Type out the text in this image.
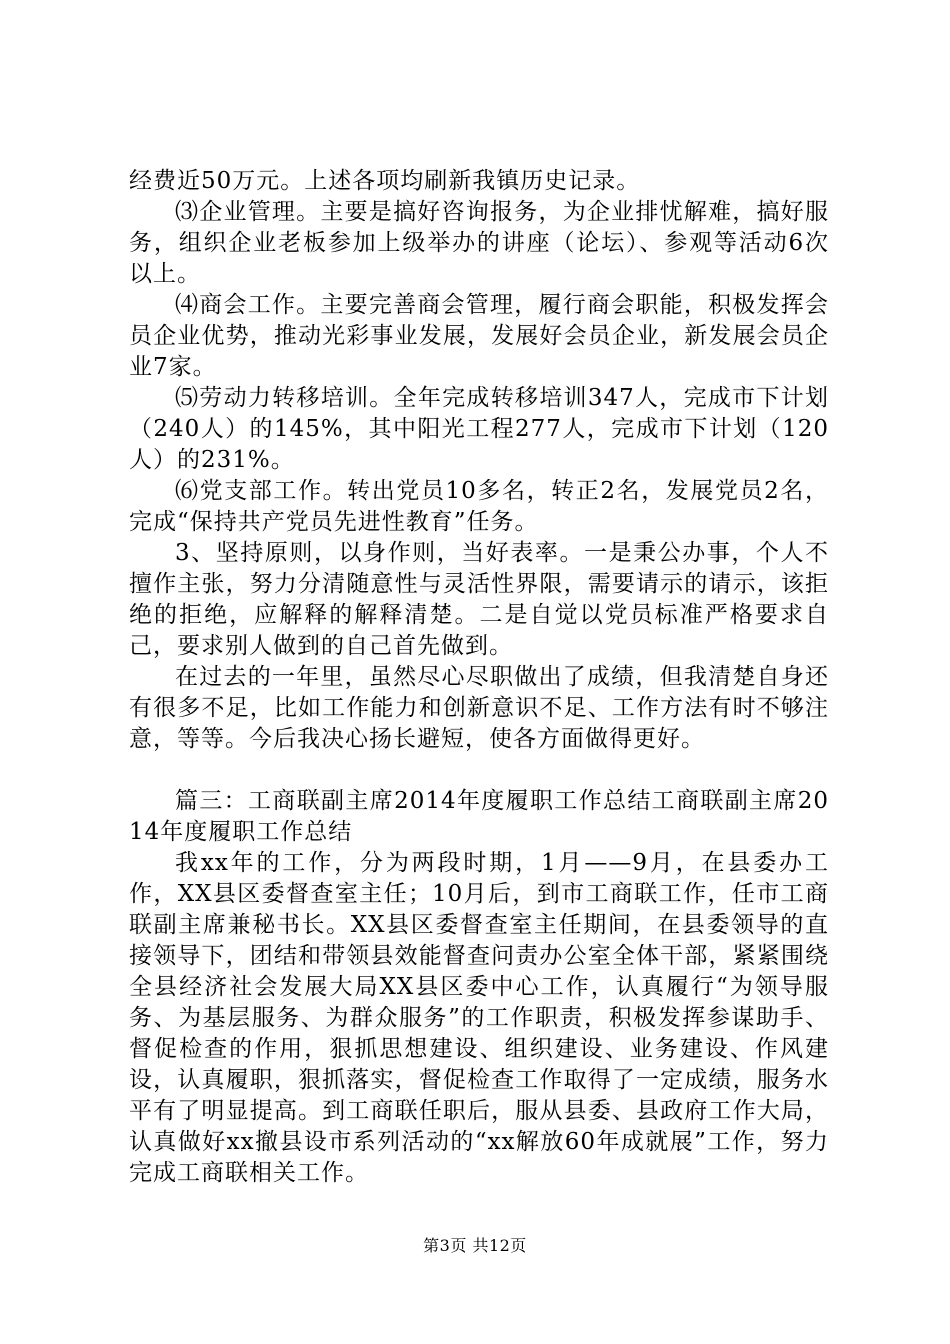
经费近50万元。上述各项均刷新我镇历史记录。

⑶企业管理。主要是搞好咨询报务，为企业排忧解难，搞好服务，组织企业老板参加上级举办的讲座（论坛）、参观等活动6次以上。

⑷商会工作。主要完善商会管理，履行商会职能，积极发挥会员企业优势，推动光彩事业发展，发展好会员企业，新发展会员企业7家。

⑸劳动力转移培训。全年完成转移培训347人，完成市下计划（240人）的145%，其中阳光工程277人，完成市下计划（120人）的231%。

⑹党支部工作。转出党员10多名，转正2名，发展党员2名，完成“保持共产党员先进性教育”任务。

3、坚持原则，以身作则，当好表率。一是秉公办事，个人不擅作主张，努力分清随意性与灵活性界限，需要请示的请示，该拒绝的拒绝，应解释的解释清楚。二是自觉以党员标准严格要求自己，要求别人做到的自己首先做到。

在过去的一年里，虽然尽心尽职做出了成绩，但我清楚自身还有很多不足，比如工作能力和创新意识不足、工作方法有时不够注意，等等。今后我决心扬长避短，使各方面做得更好。

篇三：工商联副主席2014年度履职工作总结工商联副主席2014年度履职工作总结

我xx年的工作，分为两段时期，1月——9月，在县委办工作，XX县区委督查室主任；10月后，到市工商联工作，任市工商联副主席兼秘书长。XX县区委督查室主任期间，在县委领导的直接领导下，团结和带领县效能督查问责办公室全体干部，紧紧围绕全县经济社会发展大局XX县区委中心工作，认真履行“为领导服务、为基层服务、为群众服务”的工作职责，积极发挥参谋助手、督促检查的作用，狠抓思想建设、组织建设、业务建设、作风建设，认真履职，狠抓落实，督促检查工作取得了一定成绩，服务水平有了明显提高。到工商联任职后，服从县委、县政府工作大局，认真做好xx撤县设市系列活动的“xx解放60年成就展”工作，努力完成工商联相关工作。

第3页 共12页
